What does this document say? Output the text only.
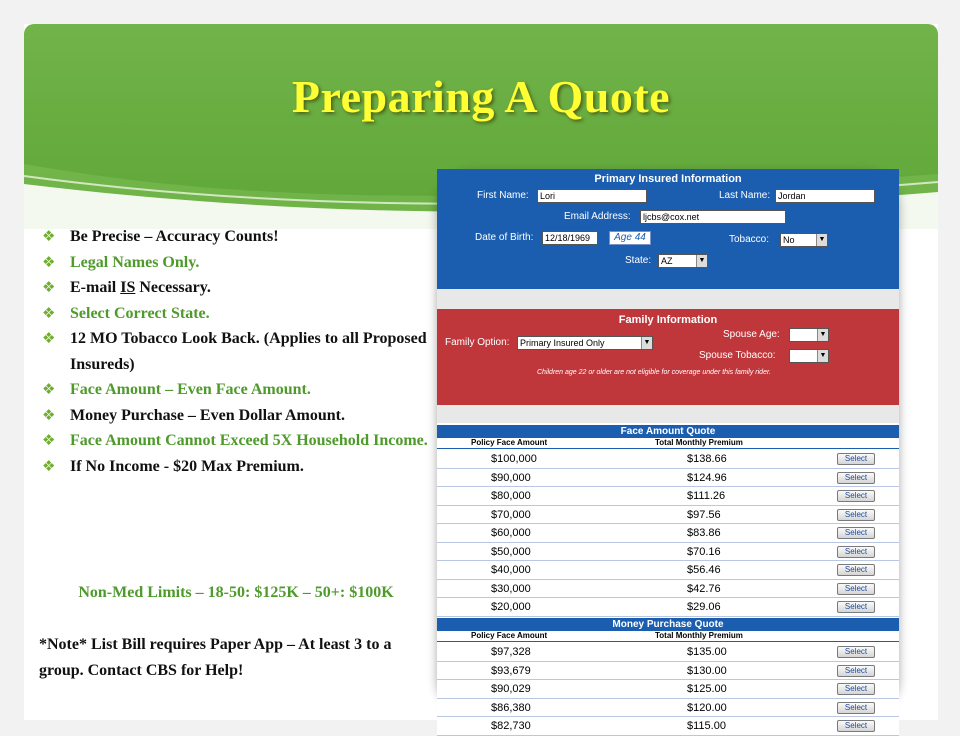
Preparing A Quote
❖ Be Precise – Accuracy Counts!
❖ Legal Names Only.
❖ E-mail IS Necessary.
❖ Select Correct State.
❖ 12 MO Tobacco Look Back. (Applies to all Proposed Insureds)
❖ Face Amount – Even Face Amount.
❖ Money Purchase – Even Dollar Amount.
❖ Face Amount Cannot Exceed 5X Household Income.
❖ If No Income - $20 Max Premium.
Non-Med Limits – 18-50: $125K – 50+: $100K
*Note* List Bill requires Paper App – At least 3 to a group. Contact CBS for Help!
Primary Insured Information
First Name:	Lori	Last Name: Jordan
Email Address:	ljcbs@cox.net
Date of Birth:	12/18/1969	Age 44	Tobacco:	No	▼
State:	AZ	▼
Family Information
Family Option:	Primary Insured Only	▼
Spouse Age:	▼
Spouse Tobacco:	▼
Children age 22 or older are not eligible for coverage under this family rider.
Face Amount Quote
Policy Face Amount	Total Monthly Premium
$100,000	$138.66	Select
$90,000	$124.96	Select
$80,000	$111.26	Select
$70,000	$97.56	Select
$60,000	$83.86	Select
$50,000	$70.16	Select
$40,000	$56.46	Select
$30,000	$42.76	Select
$20,000	$29.06	Select
Money Purchase Quote
Policy Face Amount	Total Monthly Premium
$97,328	$135.00	Select
$93,679	$130.00	Select
$90,029	$125.00	Select
$86,380	$120.00	Select
$82,730	$115.00	Select
